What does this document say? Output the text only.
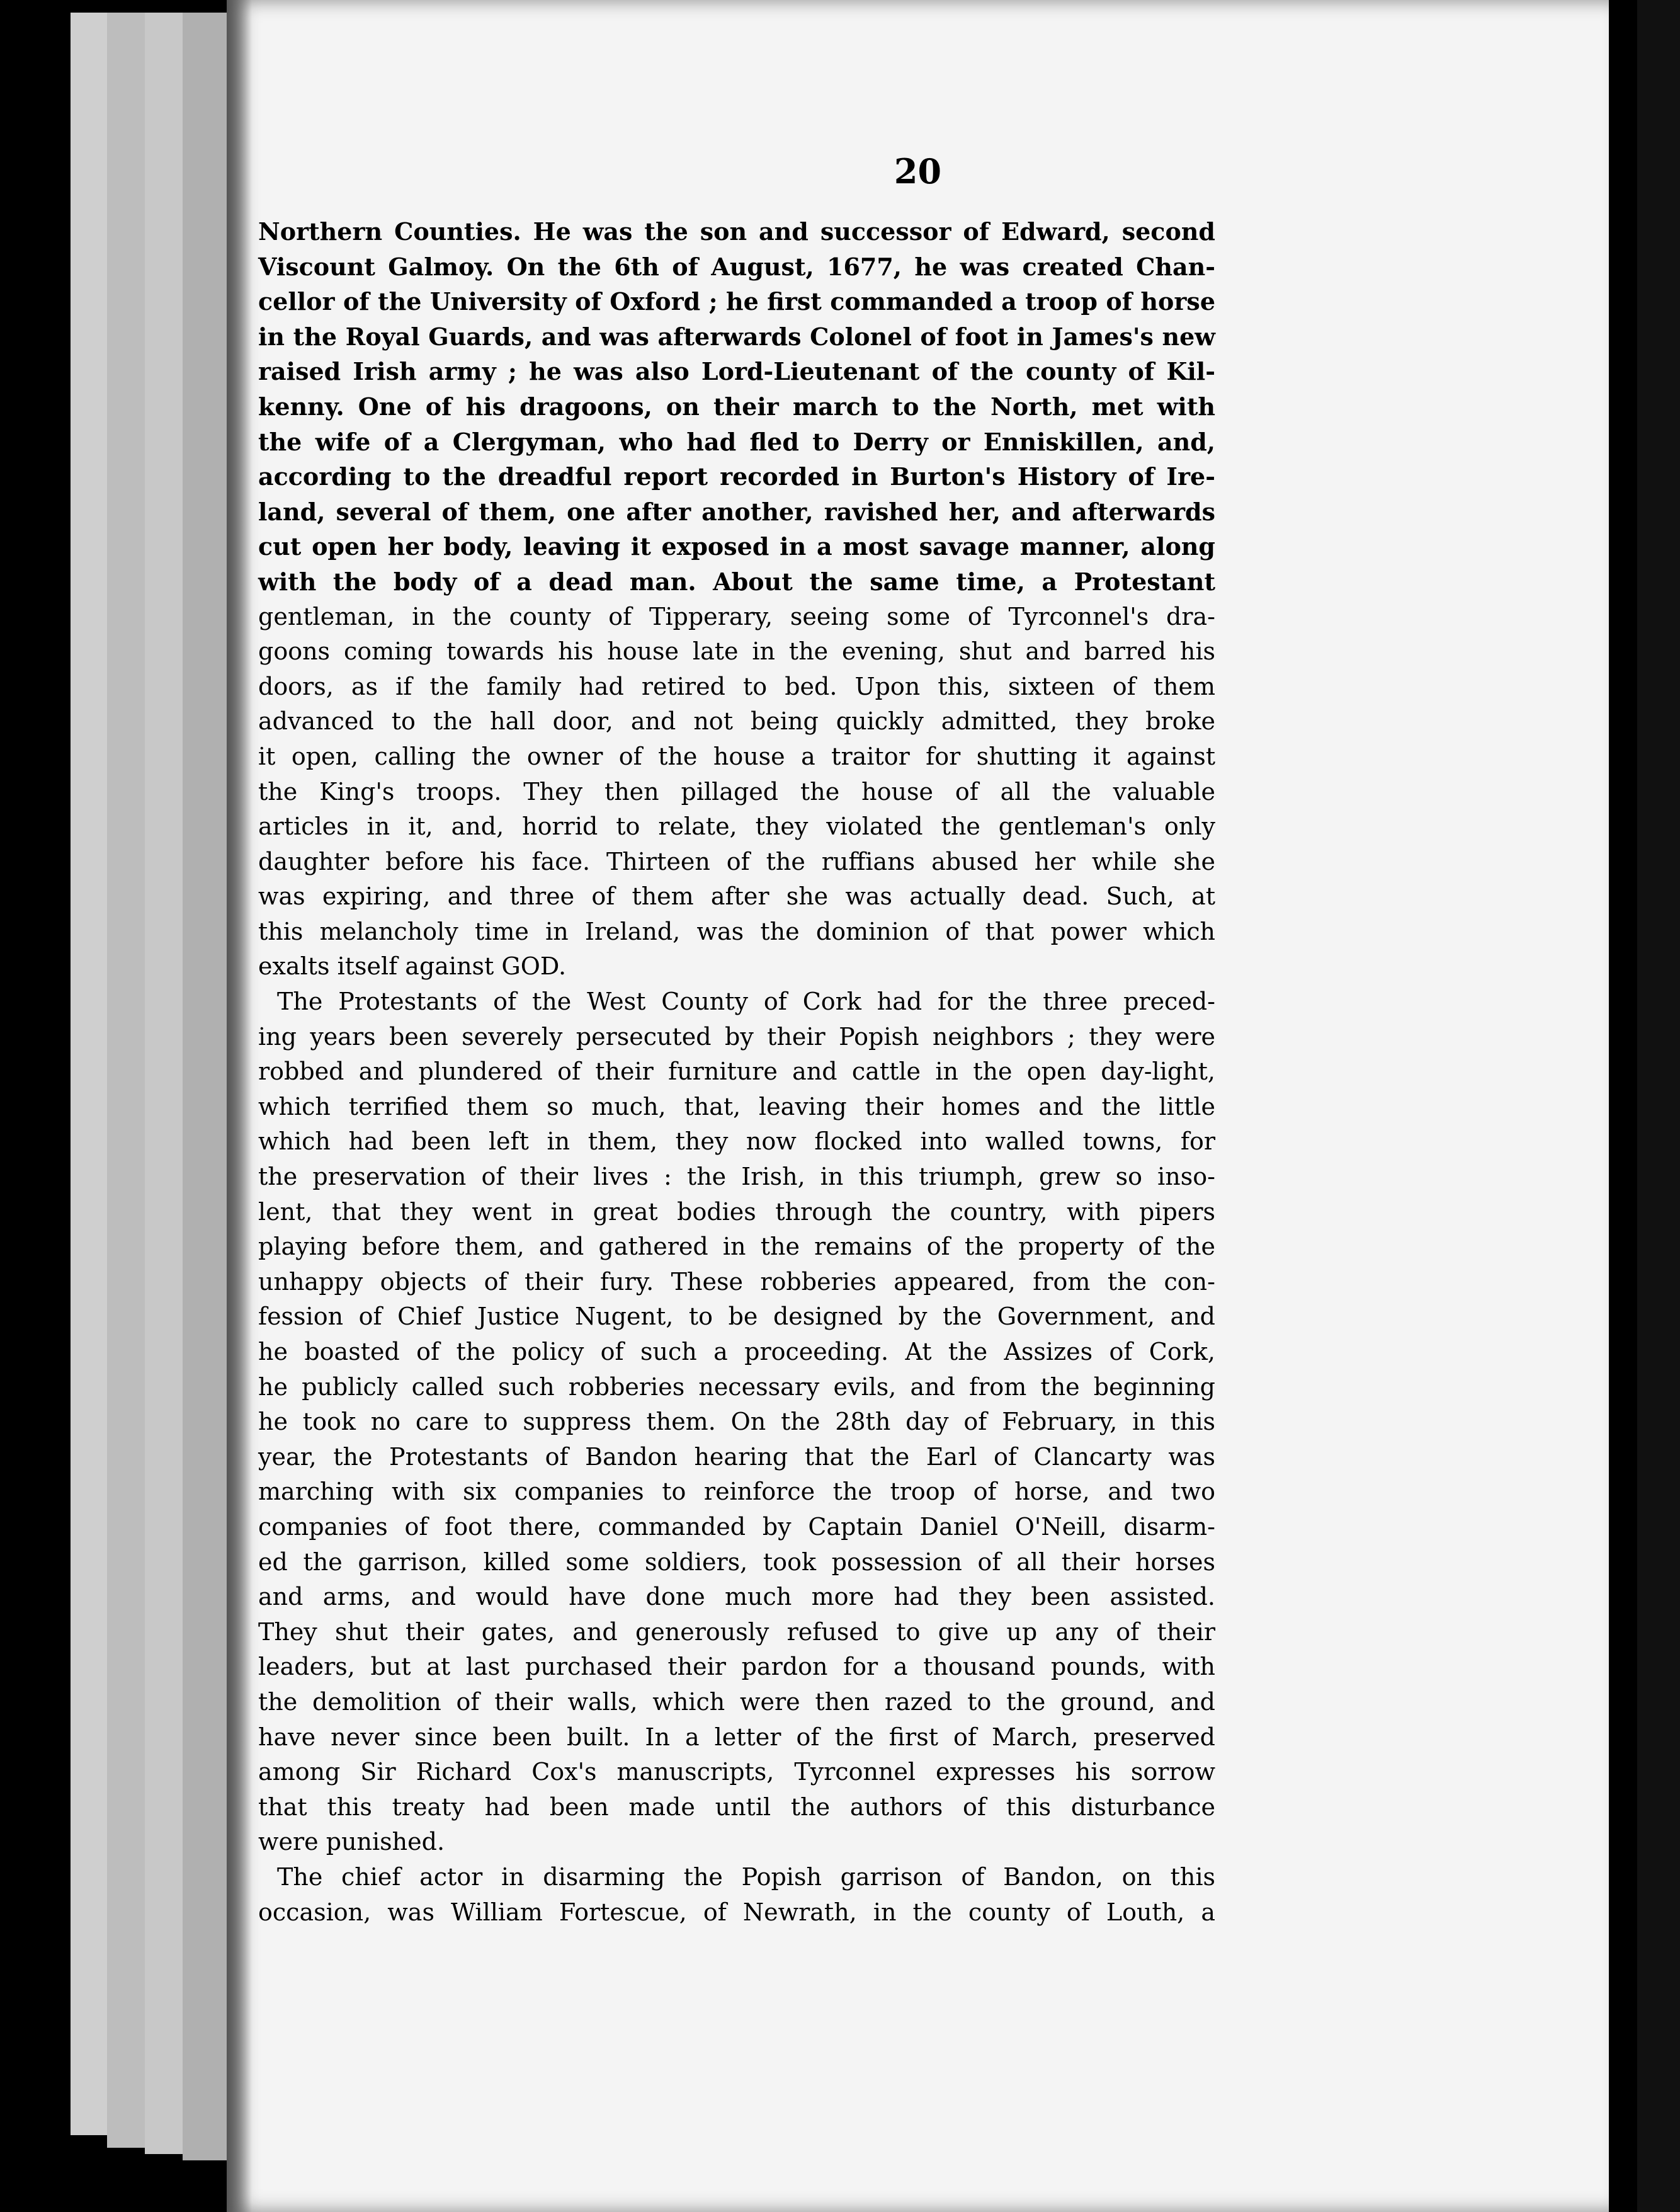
20
Northern Counties. He was the son and successor of Edward, second
Viscount Galmoy. On the 6th of August, 1677, he was created Chan-
cellor of the University of Oxford ; he first commanded a troop of horse
in the Royal Guards, and was afterwards Colonel of foot in James's new
raised Irish army ; he was also Lord-Lieutenant of the county of Kil-
kenny. One of his dragoons, on their march to the North, met with
the wife of a Clergyman, who had fled to Derry or Enniskillen, and,
according to the dreadful report recorded in Burton's History of Ire-
land, several of them, one after another, ravished her, and afterwards
cut open her body, leaving it exposed in a most savage manner, along
with the body of a dead man. About the same time, a Protestant
gentleman, in the county of Tipperary, seeing some of Tyrconnel's dra-
goons coming towards his house late in the evening, shut and barred his
doors, as if the family had retired to bed. Upon this, sixteen of them
advanced to the hall door, and not being quickly admitted, they broke
it open, calling the owner of the house a traitor for shutting it against
the King's troops. They then pillaged the house of all the valuable
articles in it, and, horrid to relate, they violated the gentleman's only
daughter before his face. Thirteen of the ruffians abused her while she
was expiring, and three of them after she was actually dead. Such, at
this melancholy time in Ireland, was the dominion of that power which
exalts itself against GOD.
The Protestants of the West County of Cork had for the three preced-
ing years been severely persecuted by their Popish neighbors ; they were
robbed and plundered of their furniture and cattle in the open day-light,
which terrified them so much, that, leaving their homes and the little
which had been left in them, they now flocked into walled towns, for
the preservation of their lives : the Irish, in this triumph, grew so inso-
lent, that they went in great bodies through the country, with pipers
playing before them, and gathered in the remains of the property of the
unhappy objects of their fury. These robberies appeared, from the con-
fession of Chief Justice Nugent, to be designed by the Government, and
he boasted of the policy of such a proceeding. At the Assizes of Cork,
he publicly called such robberies necessary evils, and from the beginning
he took no care to suppress them. On the 28th day of February, in this
year, the Protestants of Bandon hearing that the Earl of Clancarty was
marching with six companies to reinforce the troop of horse, and two
companies of foot there, commanded by Captain Daniel O'Neill, disarm-
ed the garrison, killed some soldiers, took possession of all their horses
and arms, and would have done much more had they been assisted.
They shut their gates, and generously refused to give up any of their
leaders, but at last purchased their pardon for a thousand pounds, with
the demolition of their walls, which were then razed to the ground, and
have never since been built. In a letter of the first of March, preserved
among Sir Richard Cox's manuscripts, Tyrconnel expresses his sorrow
that this treaty had been made until the authors of this disturbance
were punished.
The chief actor in disarming the Popish garrison of Bandon, on this
occasion, was William Fortescue, of Newrath, in the county of Louth, a
